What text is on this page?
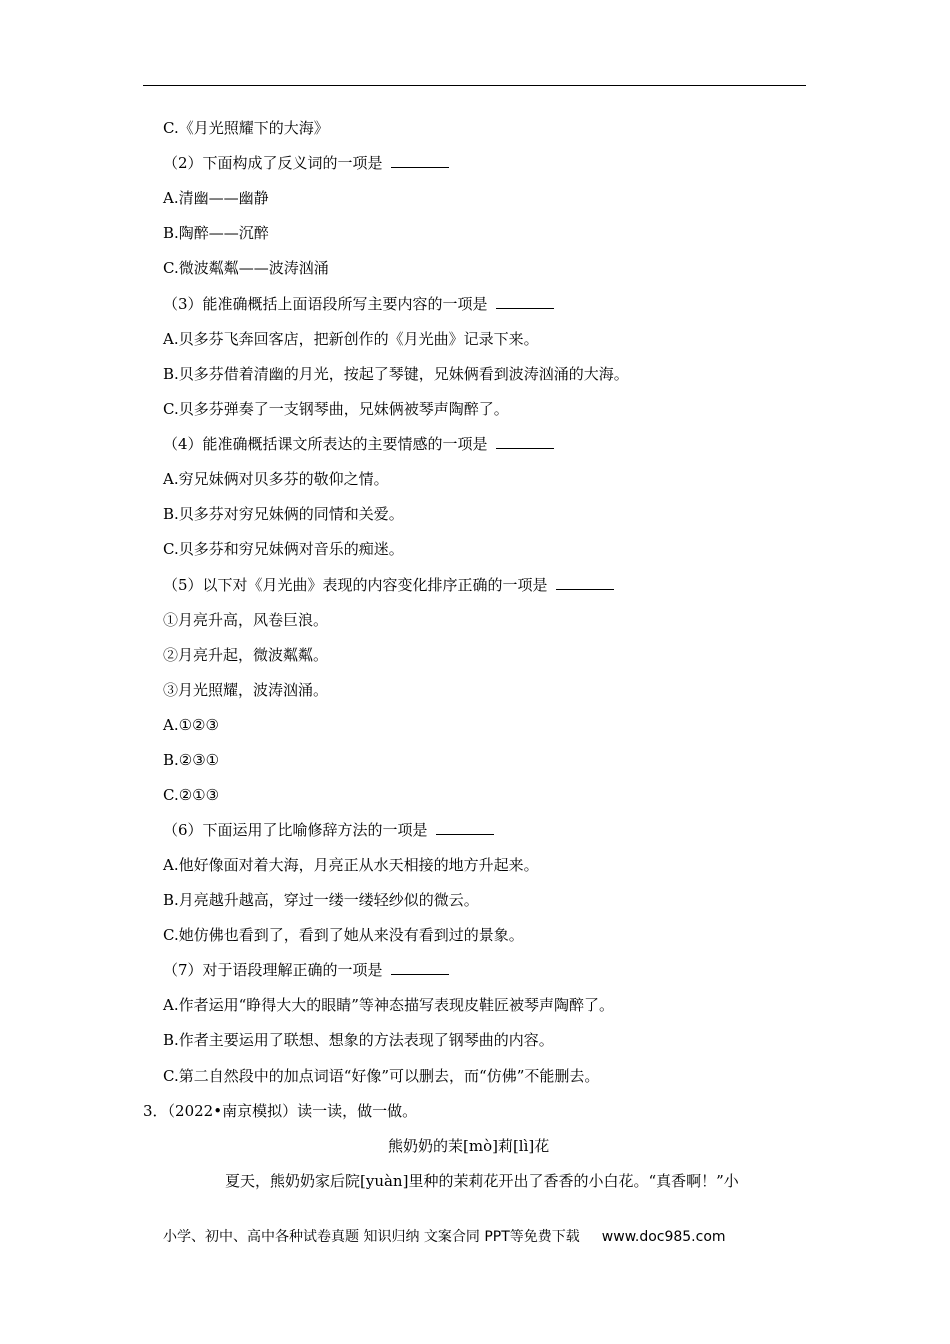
C.《月光照耀下的大海》
（2）下面构成了反义词的一项是
A.清幽——幽静
B.陶醉——沉醉
C.微波粼粼——波涛汹涌
（3）能准确概括上面语段所写主要内容的一项是
A.贝多芬飞奔回客店，把新创作的《月光曲》记录下来。
B.贝多芬借着清幽的月光，按起了琴键，兄妹俩看到波涛汹涌的大海。
C.贝多芬弹奏了一支钢琴曲，兄妹俩被琴声陶醉了。
（4）能准确概括课文所表达的主要情感的一项是
A.穷兄妹俩对贝多芬的敬仰之情。
B.贝多芬对穷兄妹俩的同情和关爱。
C.贝多芬和穷兄妹俩对音乐的痴迷。
（5）以下对《月光曲》表现的内容变化排序正确的一项是
①月亮升高，风卷巨浪。
②月亮升起，微波粼粼。
③月光照耀，波涛汹涌。
A.①②③
B.②③①
C.②①③
（6）下面运用了比喻修辞方法的一项是
A.他好像面对着大海，月亮正从水天相接的地方升起来。
B.月亮越升越高，穿过一缕一缕轻纱似的微云。
C.她仿佛也看到了，看到了她从来没有看到过的景象。
（7）对于语段理解正确的一项是
A.作者运用“睁得大大的眼睛”等神态描写表现皮鞋匠被琴声陶醉了。
B.作者主要运用了联想、想象的方法表现了钢琴曲的内容。
C.第二自然段中的加点词语“好像”可以删去，而“仿佛”不能删去。
3．（2022•南京模拟）读一读，做一做。
熊奶奶的茉[mò]莉[lì]花
夏天，熊奶奶家后院[yuàn]里种的茉莉花开出了香香的小白花。“真香啊！”小
小学、初中、高中各种试卷真题 知识归纳 文案合同 PPT等免费下载 www.doc985.com
